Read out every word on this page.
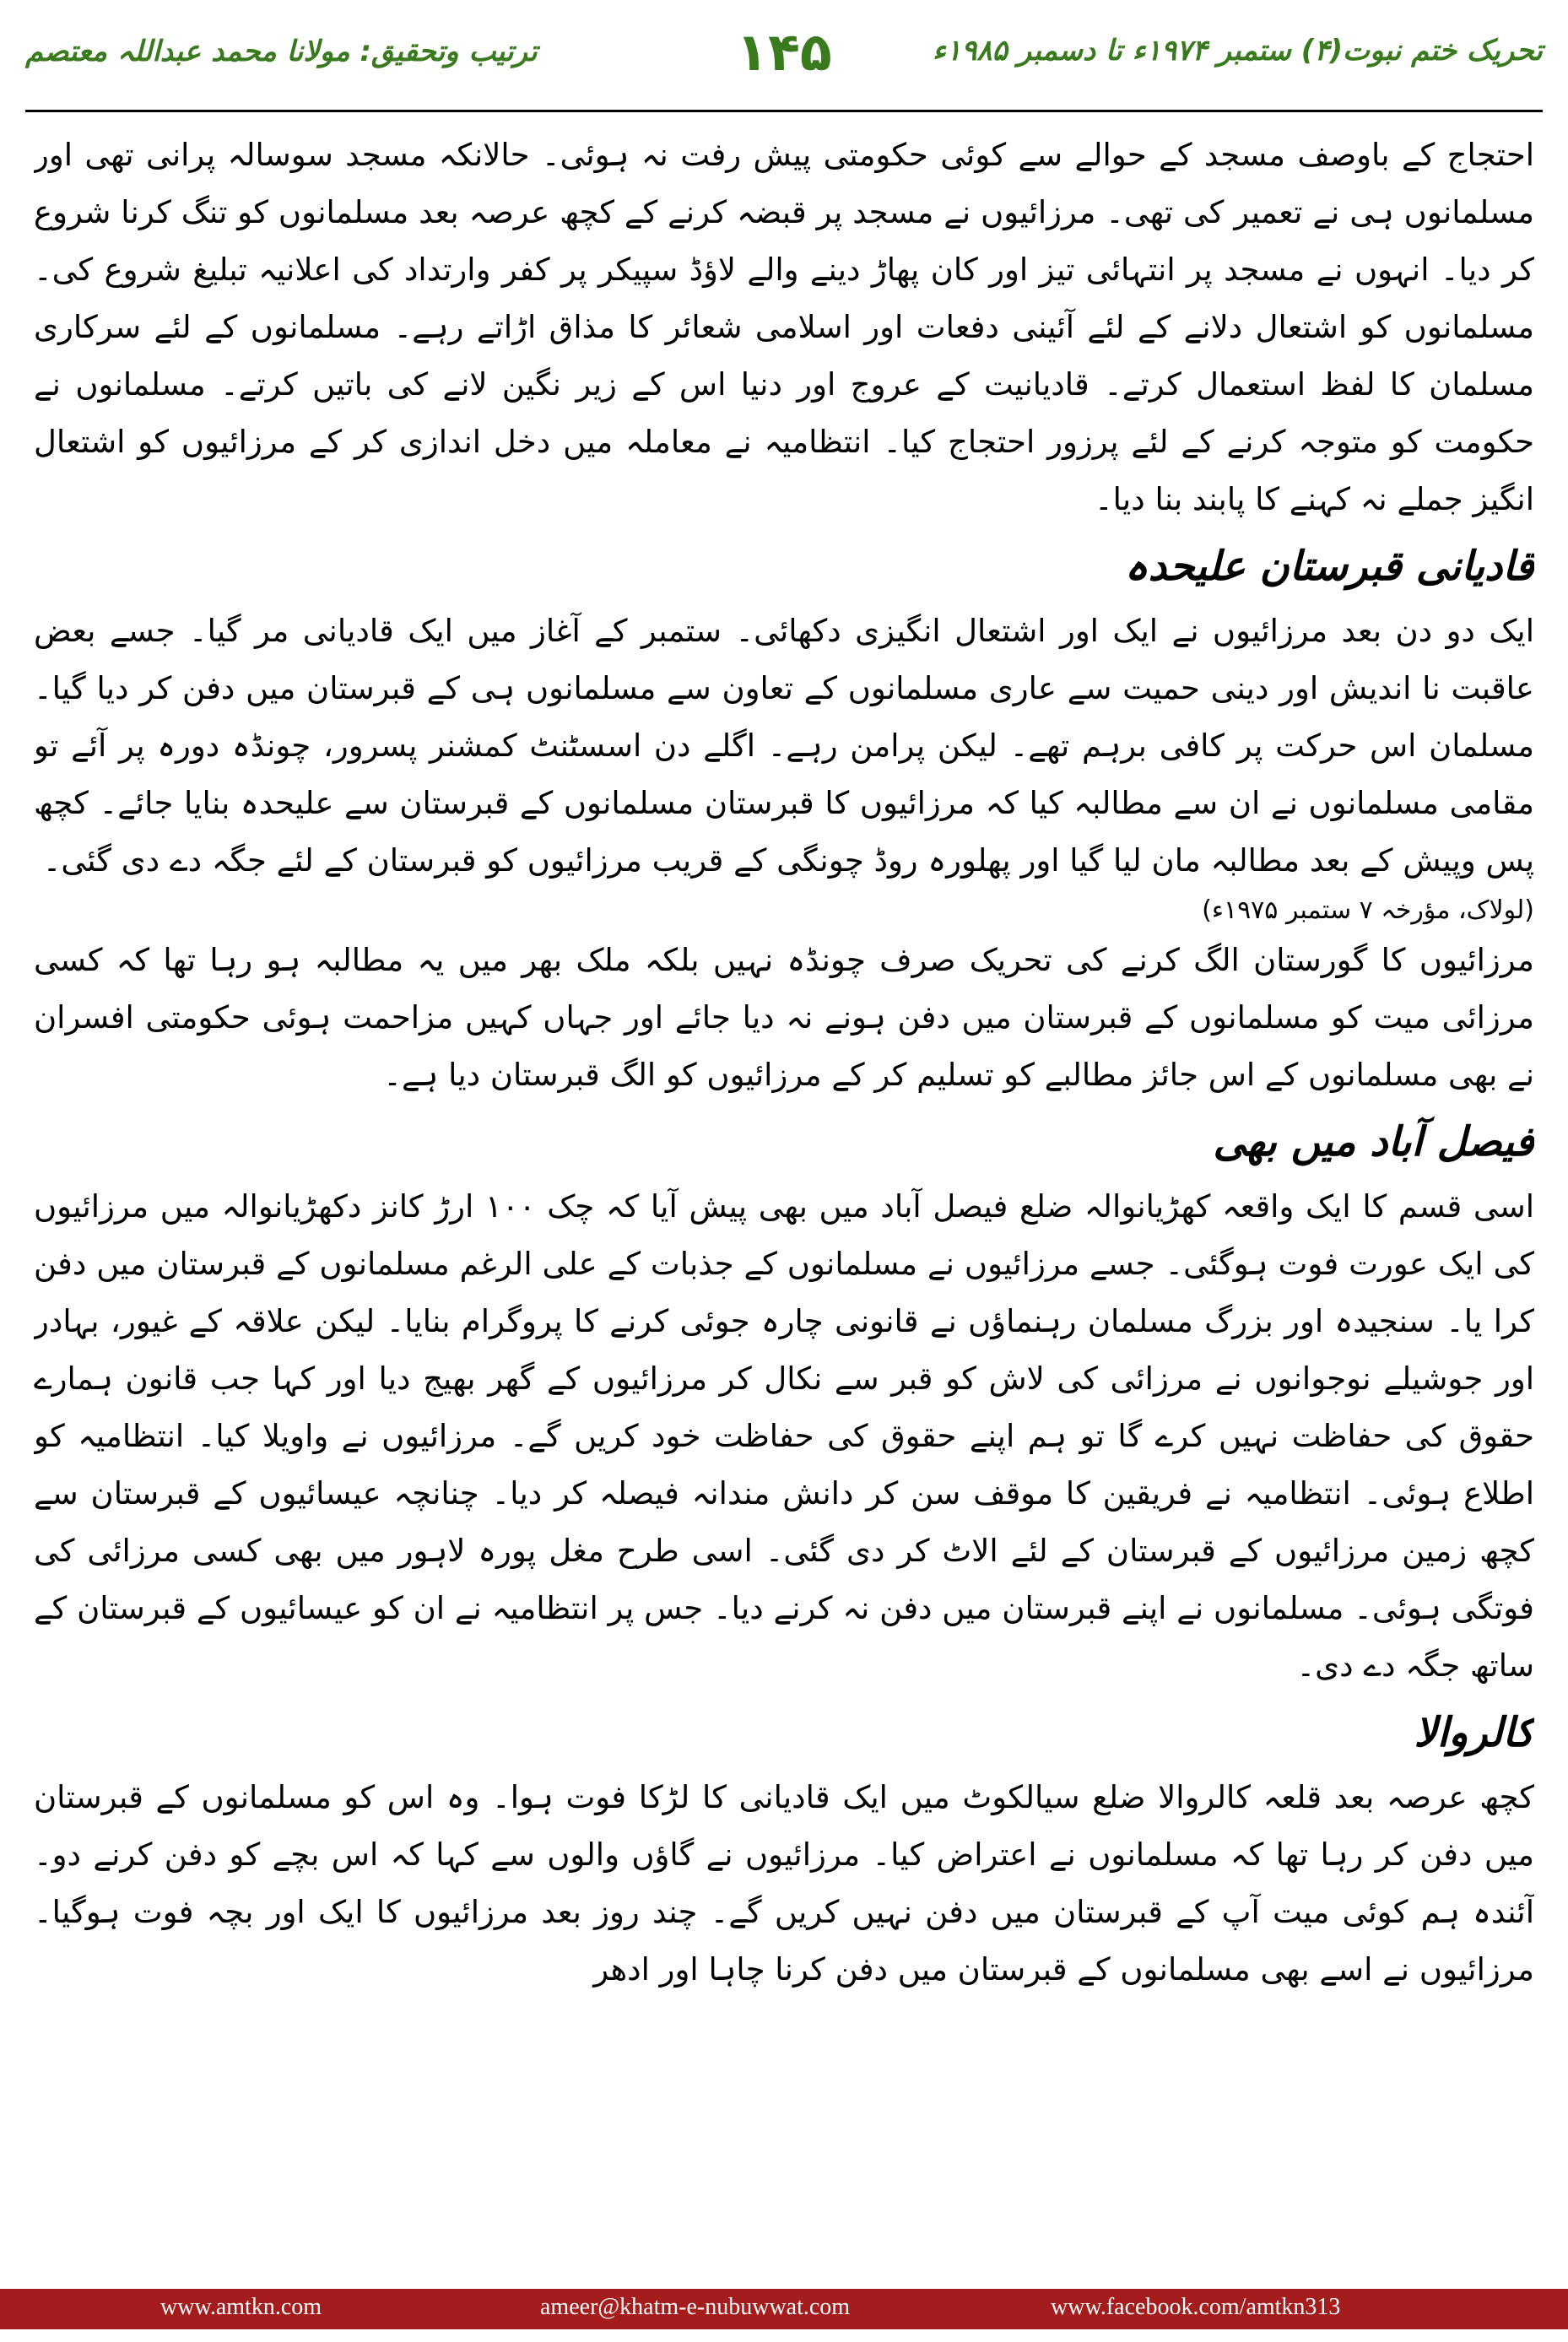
تحریک ختم نبوت(۴) ستمبر ۱۹۷۴ء تا دسمبر ۱۹۸۵ء
۱۴۵
ترتیب وتحقیق: مولانا محمد عبداللہ معتصم

احتجاج کے باوصف مسجد کے حوالے سے کوئی حکومتی پیش رفت نہ ہوئی۔ حالانکہ مسجد سوسالہ پرانی تھی اور مسلمانوں ہی نے تعمیر کی تھی۔ مرزائیوں نے مسجد پر قبضہ کرنے کے کچھ عرصہ بعد مسلمانوں کو تنگ کرنا شروع کر دیا۔ انہوں نے مسجد پر انتہائی تیز اور کان پھاڑ دینے والے لاؤڈ سپیکر پر کفر وارتداد کی اعلانیہ تبلیغ شروع کی۔ مسلمانوں کو اشتعال دلانے کے لئے آئینی دفعات اور اسلامی شعائر کا مذاق اڑاتے رہے۔ مسلمانوں کے لئے سرکاری مسلمان کا لفظ استعمال کرتے۔ قادیانیت کے عروج اور دنیا اس کے زیر نگین لانے کی باتیں کرتے۔ مسلمانوں نے حکومت کو متوجہ کرنے کے لئے پرزور احتجاج کیا۔ انتظامیہ نے معاملہ میں دخل اندازی کر کے مرزائیوں کو اشتعال انگیز جملے نہ کہنے کا پابند بنا دیا۔

قادیانی قبرستان علیحدہ

ایک دو دن بعد مرزائیوں نے ایک اور اشتعال انگیزی دکھائی۔ ستمبر کے آغاز میں ایک قادیانی مر گیا۔ جسے بعض عاقبت نا اندیش اور دینی حمیت سے عاری مسلمانوں کے تعاون سے مسلمانوں ہی کے قبرستان میں دفن کر دیا گیا۔ مسلمان اس حرکت پر کافی برہم تھے۔ لیکن پرامن رہے۔ اگلے دن اسسٹنٹ کمشنر پسرور، چونڈہ دورہ پر آئے تو مقامی مسلمانوں نے ان سے مطالبہ کیا کہ مرزائیوں کا قبرستان مسلمانوں کے قبرستان سے علیحدہ بنایا جائے۔ کچھ پس وپیش کے بعد مطالبہ مان لیا گیا اور پھلورہ روڈ چونگی کے قریب مرزائیوں کو قبرستان کے لئے جگہ دے دی گئی۔

(لولاک، مؤرخہ ۷ ستمبر ۱۹۷۵ء)

مرزائیوں کا گورستان الگ کرنے کی تحریک صرف چونڈہ نہیں بلکہ ملک بھر میں یہ مطالبہ ہو رہا تھا کہ کسی مرزائی میت کو مسلمانوں کے قبرستان میں دفن ہونے نہ دیا جائے اور جہاں کہیں مزاحمت ہوئی حکومتی افسران نے بھی مسلمانوں کے اس جائز مطالبے کو تسلیم کر کے مرزائیوں کو الگ قبرستان دیا ہے۔

فیصل آباد میں بھی

اسی قسم کا ایک واقعہ کھڑیانوالہ ضلع فیصل آباد میں بھی پیش آیا کہ چک ۱۰۰ ارڑ کانز دکھڑیانوالہ میں مرزائیوں کی ایک عورت فوت ہوگئی۔ جسے مرزائیوں نے مسلمانوں کے جذبات کے علی الرغم مسلمانوں کے قبرستان میں دفن کرا یا۔ سنجیدہ اور بزرگ مسلمان رہنماؤں نے قانونی چارہ جوئی کرنے کا پروگرام بنایا۔ لیکن علاقہ کے غیور، بہادر اور جوشیلے نوجوانوں نے مرزائی کی لاش کو قبر سے نکال کر مرزائیوں کے گھر بھیج دیا اور کہا جب قانون ہمارے حقوق کی حفاظت نہیں کرے گا تو ہم اپنے حقوق کی حفاظت خود کریں گے۔ مرزائیوں نے واویلا کیا۔ انتظامیہ کو اطلاع ہوئی۔ انتظامیہ نے فریقین کا موقف سن کر دانش مندانہ فیصلہ کر دیا۔ چنانچہ عیسائیوں کے قبرستان سے کچھ زمین مرزائیوں کے قبرستان کے لئے الاٹ کر دی گئی۔ اسی طرح مغل پورہ لاہور میں بھی کسی مرزائی کی فوتگی ہوئی۔ مسلمانوں نے اپنے قبرستان میں دفن نہ کرنے دیا۔ جس پر انتظامیہ نے ان کو عیسائیوں کے قبرستان کے ساتھ جگہ دے دی۔

کالروالا

کچھ عرصہ بعد قلعہ کالروالا ضلع سیالکوٹ میں ایک قادیانی کا لڑکا فوت ہوا۔ وہ اس کو مسلمانوں کے قبرستان میں دفن کر رہا تھا کہ مسلمانوں نے اعتراض کیا۔ مرزائیوں نے گاؤں والوں سے کہا کہ اس بچے کو دفن کرنے دو۔ آئندہ ہم کوئی میت آپ کے قبرستان میں دفن نہیں کریں گے۔ چند روز بعد مرزائیوں کا ایک اور بچہ فوت ہوگیا۔ مرزائیوں نے اسے بھی مسلمانوں کے قبرستان میں دفن کرنا چاہا اور ادھر

www.amtkn.com	ameer@khatm-e-nubuwwat.com	www.facebook.com/amtkn313
